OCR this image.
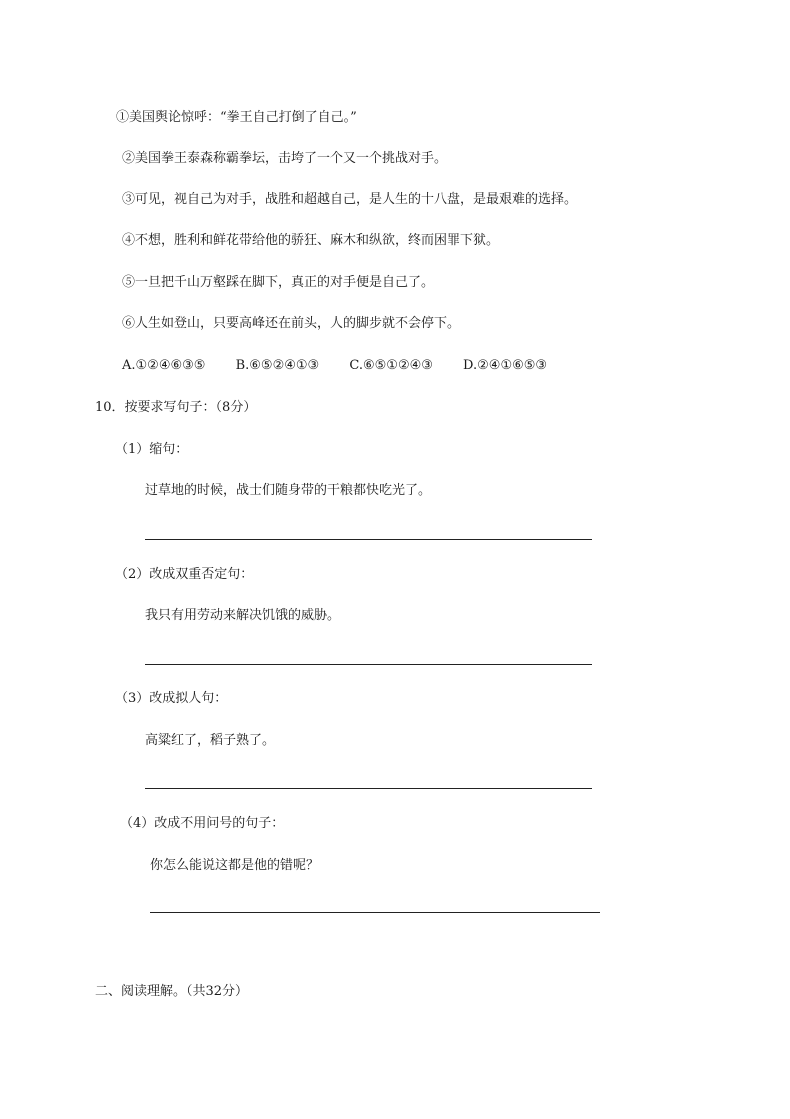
①美国舆论惊呼：“拳王自己打倒了自己。”
②美国拳王泰森称霸拳坛，击垮了一个又一个挑战对手。
③可见，视自己为对手，战胜和超越自己，是人生的十八盘，是最艰难的选择。
④不想，胜利和鲜花带给他的骄狂、麻木和纵欲，终而困罪下狱。
⑤一旦把千山万壑踩在脚下，真正的对手便是自己了。
⑥人生如登山，只要高峰还在前头，人的脚步就不会停下。
A.①②④⑥③⑤ B.⑥⑤②④①③ C.⑥⑤①②④③ D.②④①⑥⑤③
10．按要求写句子：（8分）
（1）缩句：
过草地的时候，战士们随身带的干粮都快吃光了。
（2）改成双重否定句：
我只有用劳动来解决饥饿的威胁。
（3）改成拟人句：
高粱红了，稻子熟了。
（4）改成不用问号的句子：
你怎么能说这都是他的错呢？
二、阅读理解。（共32分）
